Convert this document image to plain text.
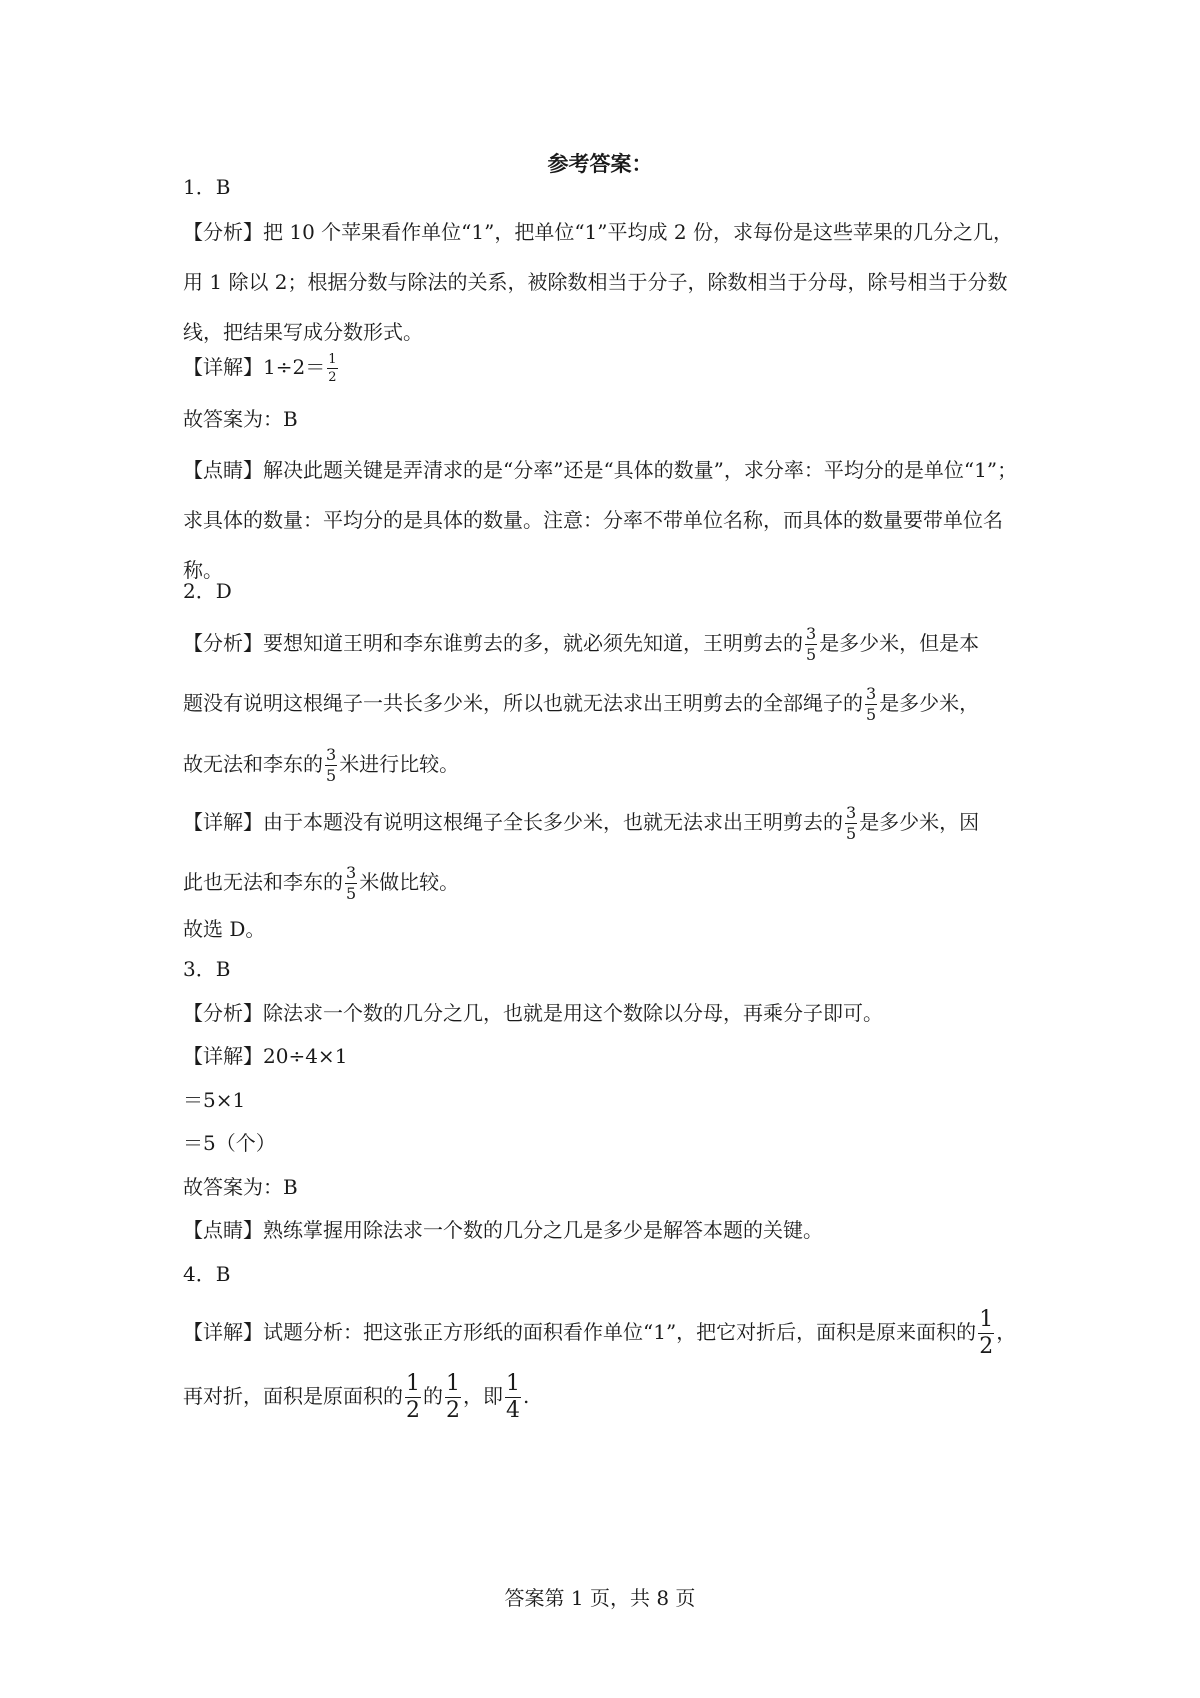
参考答案：
1．B
【分析】把 10 个苹果看作单位“1”，把单位“1”平均成 2 份，求每份是这些苹果的几分之几，用 1 除以 2；根据分数与除法的关系，被除数相当于分子，除数相当于分母，除号相当于分数线，把结果写成分数形式。
【详解】$1\div 2= \frac{1}{2}$
故答案为：B
【点睛】解决此题关键是弄清求的是“分率”还是“具体的数量”，求分率：平均分的是单位“1”；求具体的数量：平均分的是具体的数量。注意：分率不带单位名称，而具体的数量要带单位名称。
2．D
【分析】要想知道王明和李东谁剪去的多，就必须先知道，王明剪去的 $\frac{3}{5}$ 是多少米，但是本
题没有说明这根绳子一共长多少米，所以也就无法求出王明剪去的全部绳子的 $\frac{3}{5}$ 是多少米，
故无法和李东的 $\frac{3}{5}$ 米进行比较。
【详解】由于本题没有说明这根绳子全长多少米，也就无法求出王明剪去的 $\frac{3}{5}$ 是多少米，因
此也无法和李东的 $\frac{3}{5}$ 米做比较。
故选 D。
3．B
【分析】除法求一个数的几分之几，也就是用这个数除以分母，再乘分子即可。
【详解】20÷4×1
＝5×1
＝5（个）
故答案为：B
【点睛】熟练掌握用除法求一个数的几分之几是多少是解答本题的关键。
4．B
【详解】试题分析：把这张正方形纸的面积看作单位“1”，把它对折后，面积是原来面积的 $\frac{1}{2}$ ，
再对折，面积是原面积的 $\frac{1}{2}$ 的 $\frac{1}{2}$ ，即 $\frac{1}{4}$ .
答案第 1 页，共 8 页
